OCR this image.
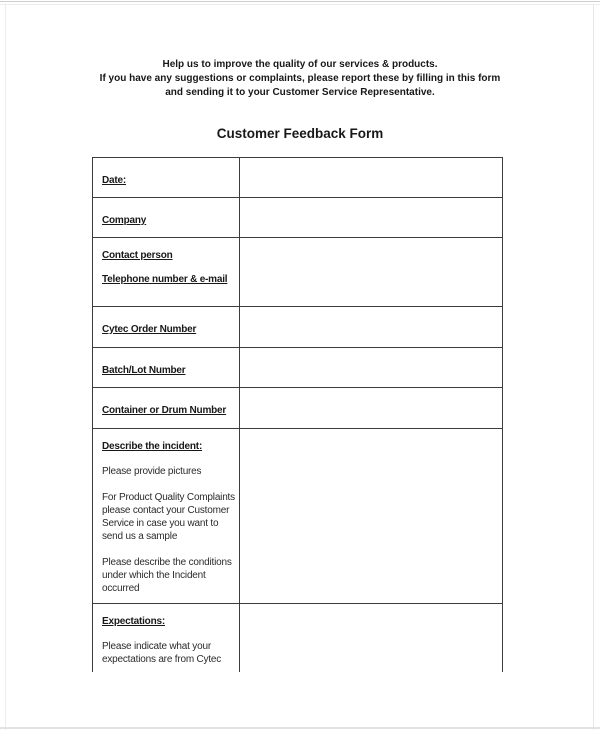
Help us to improve the quality of our services & products.
If you have any suggestions or complaints, please report these by filling in this form
and sending it to your Customer Service Representative.
Customer Feedback Form
Date:
Company
Contact person
Telephone number & e-mail
Cytec Order Number
Batch/Lot Number
Container or Drum Number
Describe the incident:
Please provide pictures
For Product Quality Complaints please contact your Customer Service in case you want to send us a sample
Please describe the conditions under which the Incident occurred
Expectations:
Please indicate what your expectations are from Cytec
